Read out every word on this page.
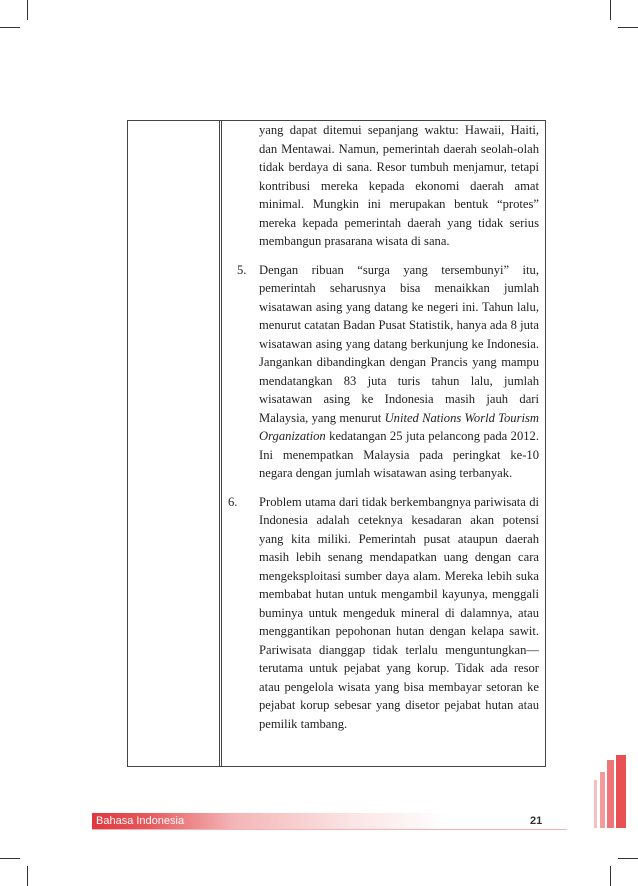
yang dapat ditemui sepanjang waktu: Hawaii, Haiti, dan Mentawai. Namun, pemerintah daerah seolah-olah tidak berdaya di sana. Resor tumbuh menjamur, tetapi kontribusi mereka kepada ekonomi daerah amat minimal. Mungkin ini merupakan bentuk “protes” mereka kepada pemerintah daerah yang tidak serius membangun prasarana wisata di sana.

5. Dengan ribuan “surga yang tersembunyi” itu, pemerintah seharusnya bisa menaikkan jumlah wisatawan asing yang datang ke negeri ini. Tahun lalu, menurut catatan Badan Pusat Statistik, hanya ada 8 juta wisatawan asing yang datang berkunjung ke Indonesia. Jangankan dibandingkan dengan Prancis yang mampu mendatangkan 83 juta turis tahun lalu, jumlah wisatawan asing ke Indonesia masih jauh dari Malaysia, yang menurut United Nations World Tourism Organization kedatangan 25 juta pelancong pada 2012. Ini menempatkan Malaysia pada peringkat ke-10 negara dengan jumlah wisatawan asing terbanyak.

6. Problem utama dari tidak berkembangnya pariwisata di Indonesia adalah ceteknya kesadaran akan potensi yang kita miliki. Pemerintah pusat ataupun daerah masih lebih senang mendapatkan uang dengan cara mengeksploitasi sumber daya alam. Mereka lebih suka membabat hutan untuk mengambil kayunya, menggali buminya untuk mengeduk mineral di dalamnya, atau menggantikan pepohonan hutan dengan kelapa sawit. Pariwisata dianggap tidak terlalu menguntungkan—terutama untuk pejabat yang korup. Tidak ada resor atau pengelola wisata yang bisa membayar setoran ke pejabat korup sebesar yang disetor pejabat hutan atau pemilik tambang.

Bahasa Indonesia	21
